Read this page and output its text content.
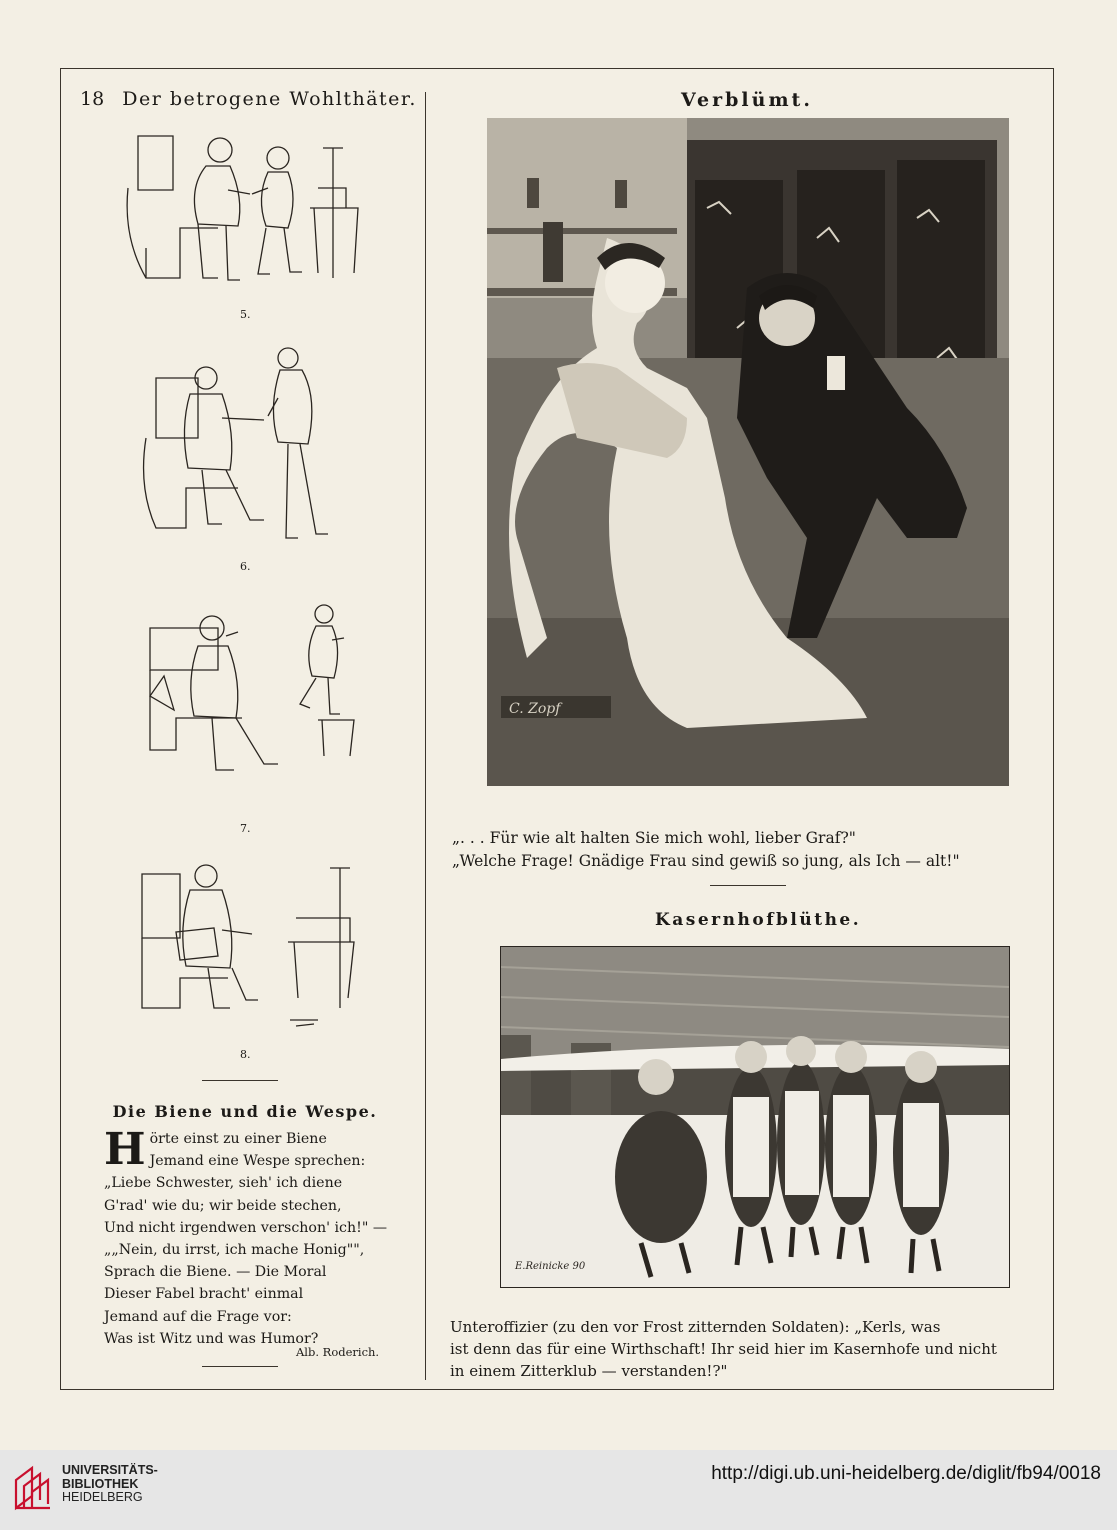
18 Der betrogene Wohlthäter.	Verblümt.
5.
6.
7.
8.
Die Biene und die Wespe.
H örte einst zu einer Biene
Jemand eine Wespe sprechen:
„Liebe Schwester, sieh' ich diene
G'rad' wie du; wir beide stechen,
Und nicht irgendwen verschon' ich!" —
„„Nein, du irrst, ich mache Honig"",
Sprach die Biene. — Die Moral
Dieser Fabel bracht' einmal
Jemand auf die Frage vor:
Was ist Witz und was Humor?
Alb. Roderich.
C. Zopf
„. . . Für wie alt halten Sie mich wohl, lieber Graf?"
„Welche Frage! Gnädige Frau sind gewiß so jung, als Ich — alt!"
Kasernhofblüthe.
E.Reinicke 90
Unteroffizier (zu den vor Frost zitternden Soldaten): „Kerls, was
ist denn das für eine Wirthschaft! Ihr seid hier im Kasernhofe und nicht
in einem Zitterklub — verstanden!?"
UNIVERSITÄTS-
BIBLIOTHEK
HEIDELBERG
http://digi.ub.uni-heidelberg.de/diglit/fb94/0018
